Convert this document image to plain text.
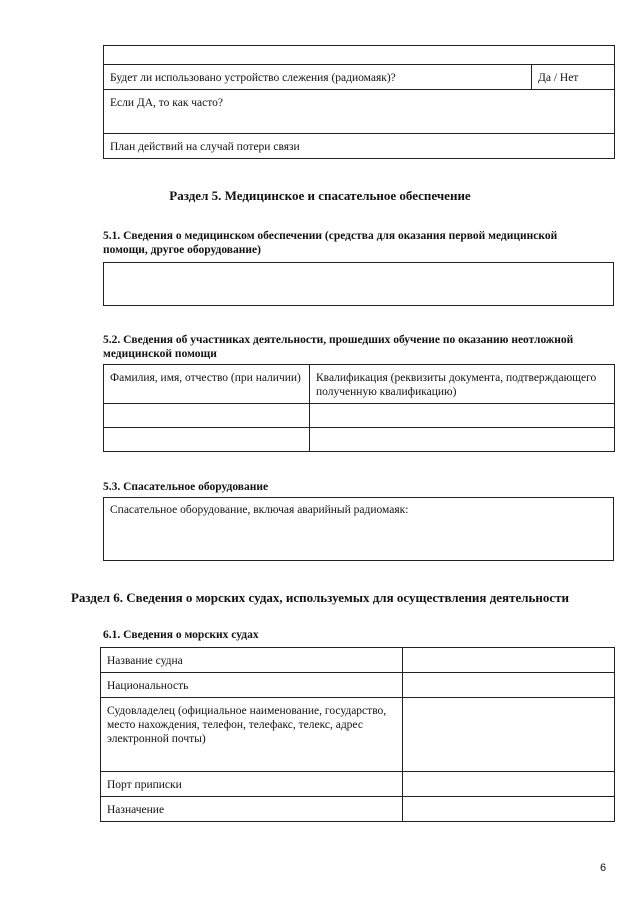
Будет ли использовано устройство слежения (радиомаяк)?	Да / Нет
Если ДА, то как часто?
План действий на случай потери связи
Раздел 5. Медицинское и спасательное обеспечение
5.1. Сведения о медицинском обеспечении (средства для оказания первой медицинской помощи, другое оборудование)
5.2. Сведения об участниках деятельности, прошедших обучение по оказанию неотложной медицинской помощи
Фамилия, имя, отчество (при наличии)	Квалификация (реквизиты документа, подтверждающего полученную квалификацию)

5.3. Спасательное оборудование
Спасательное оборудование, включая аварийный радиомаяк:
Раздел 6. Сведения о морских судах, используемых для осуществления деятельности
6.1. Сведения о морских судах
Название судна	
Национальность	
Судовладелец (официальное наименование, государство, место нахождения, телефон, телефакс, телекс, адрес электронной почты)	
Порт приписки	
Назначение	
6
